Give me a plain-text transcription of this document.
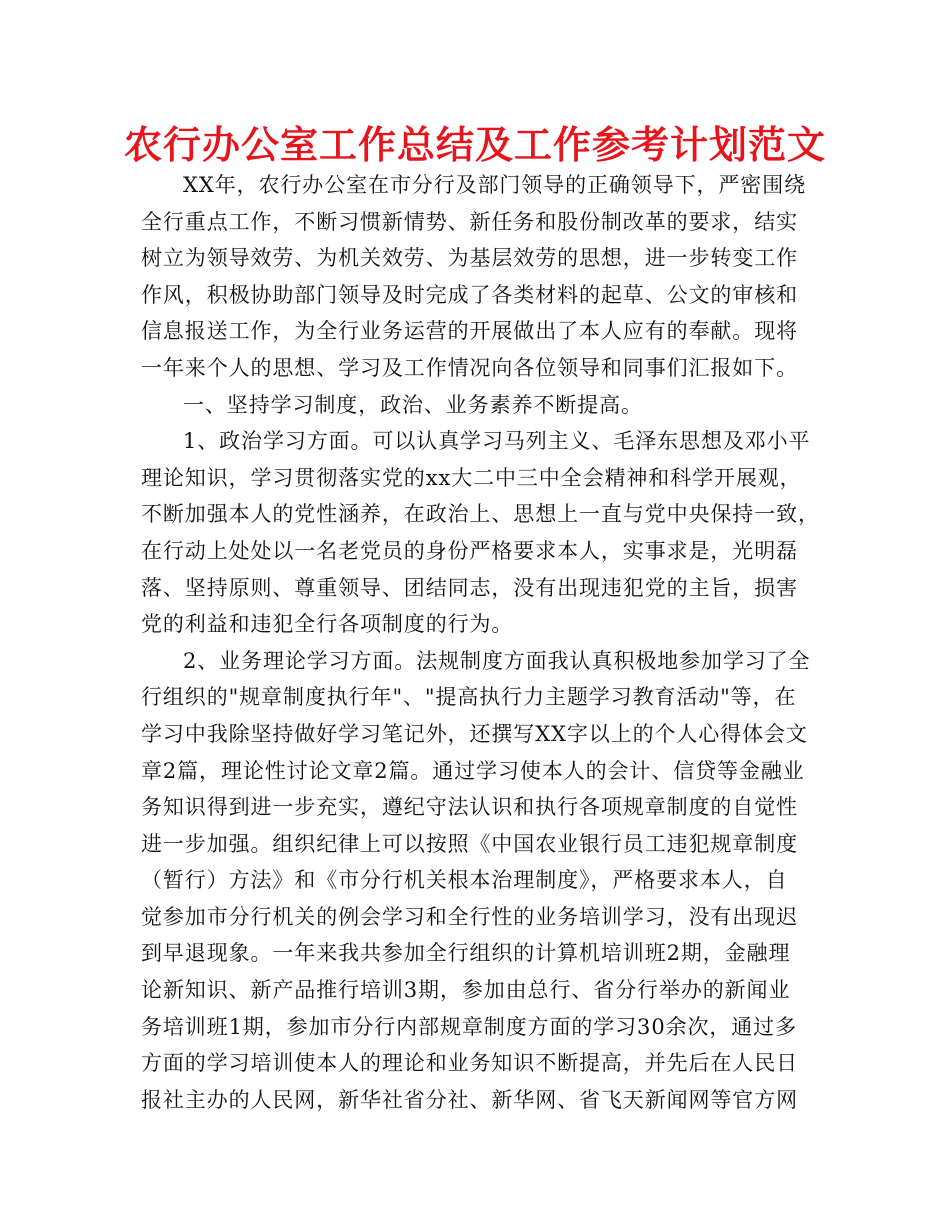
农行办公室工作总结及工作参考计划范文
XX年，农行办公室在市分行及部门领导的正确领导下，严密围绕
全行重点工作，不断习惯新情势、新任务和股份制改革的要求，结实
树立为领导效劳、为机关效劳、为基层效劳的思想，进一步转变工作
作风，积极协助部门领导及时完成了各类材料的起草、公文的审核和
信息报送工作，为全行业务运营的开展做出了本人应有的奉献。现将
一年来个人的思想、学习及工作情况向各位领导和同事们汇报如下。
一、坚持学习制度，政治、业务素养不断提高。
1、政治学习方面。可以认真学习马列主义、毛泽东思想及邓小平
理论知识，学习贯彻落实党的xx大二中三中全会精神和科学开展观，
不断加强本人的党性涵养，在政治上、思想上一直与党中央保持一致，
在行动上处处以一名老党员的身份严格要求本人，实事求是，光明磊
落、坚持原则、尊重领导、团结同志，没有出现违犯党的主旨，损害
党的利益和违犯全行各项制度的行为。
2、业务理论学习方面。法规制度方面我认真积极地参加学习了全
行组织的"规章制度执行年"、"提高执行力主题学习教育活动"等，在
学习中我除坚持做好学习笔记外，还撰写XX字以上的个人心得体会文
章2篇，理论性讨论文章2篇。通过学习使本人的会计、信贷等金融业
务知识得到进一步充实，遵纪守法认识和执行各项规章制度的自觉性
进一步加强。组织纪律上可以按照《中国农业银行员工违犯规章制度
（暂行）方法》和《市分行机关根本治理制度》，严格要求本人，自
觉参加市分行机关的例会学习和全行性的业务培训学习，没有出现迟
到早退现象。一年来我共参加全行组织的计算机培训班2期，金融理
论新知识、新产品推行培训3期，参加由总行、省分行举办的新闻业
务培训班1期，参加市分行内部规章制度方面的学习30余次，通过多
方面的学习培训使本人的理论和业务知识不断提高，并先后在人民日
报社主办的人民网，新华社省分社、新华网、省飞天新闻网等官方网
